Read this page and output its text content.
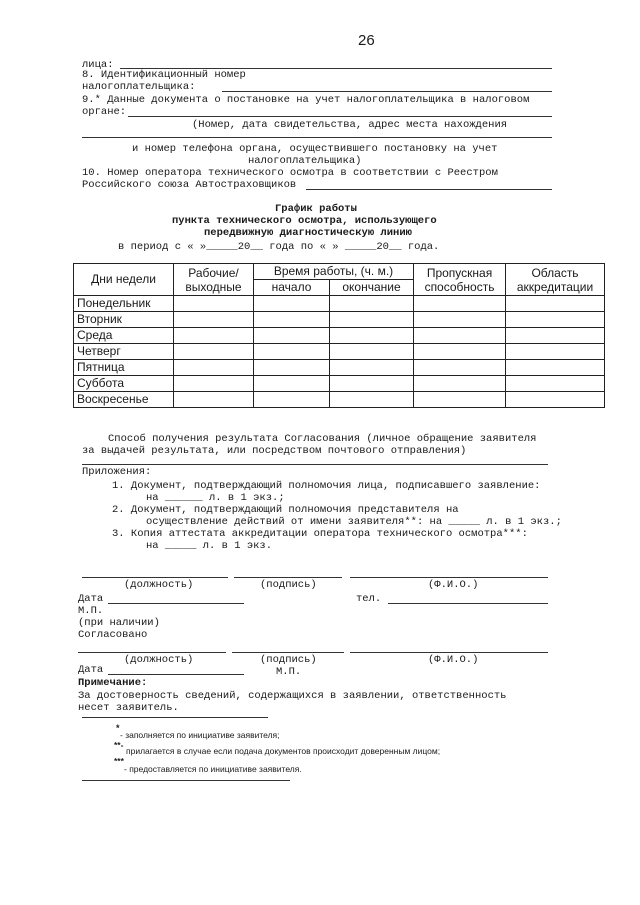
26
лица:
8. Идентификационный номер
налогоплательщика:
9.* Данные документа о постановке на учет налогоплательщика в налоговом
органе:
(Номер, дата свидетельства, адрес места нахождения
и номер телефона органа, осуществившего постановку на учет
налогоплательщика)
10. Номер оператора технического осмотра в соответствии с Реестром
Российского союза Автостраховщиков
График работы
пункта технического осмотра, использующего
передвижную диагностическую линию
в период с « »_____20__ года по « » _____20__ года.
Дни недели	Рабочие/ выходные	Время работы, (ч. м.)		Пропускная способность	Область аккредитации
		начало	окончание		
Понедельник					
Вторник					
Среда					
Четверг					
Пятница					
Суббота					
Воскресенье					
Способ получения результата Согласования (личное обращение заявителя
за выдачей результата, или посредством почтового отправления)
Приложения:
1. Документ, подтверждающий полномочия лица, подписавшего заявление:
на ______ л. в 1 экз.;
2. Документ, подтверждающий полномочия представителя на
осуществление действий от имени заявителя**: на _____ л. в 1 экз.;
3. Копия аттестата аккредитации оператора технического осмотра***:
на _____ л. в 1 экз.
(должность)	(подпись)	(Ф.И.О.)
Дата	тел.
М.П.
(при наличии)
Согласовано
(должность)	(подпись)	(Ф.И.О.)
Дата	М.П.
Примечание:
За достоверность сведений, содержащихся в заявлении, ответственность
несет заявитель.
*
- заполняется по инициативе заявителя;
**-
прилагается в случае если подача документов происходит доверенным лицом;
***
- предоставляется по инициативе заявителя.
